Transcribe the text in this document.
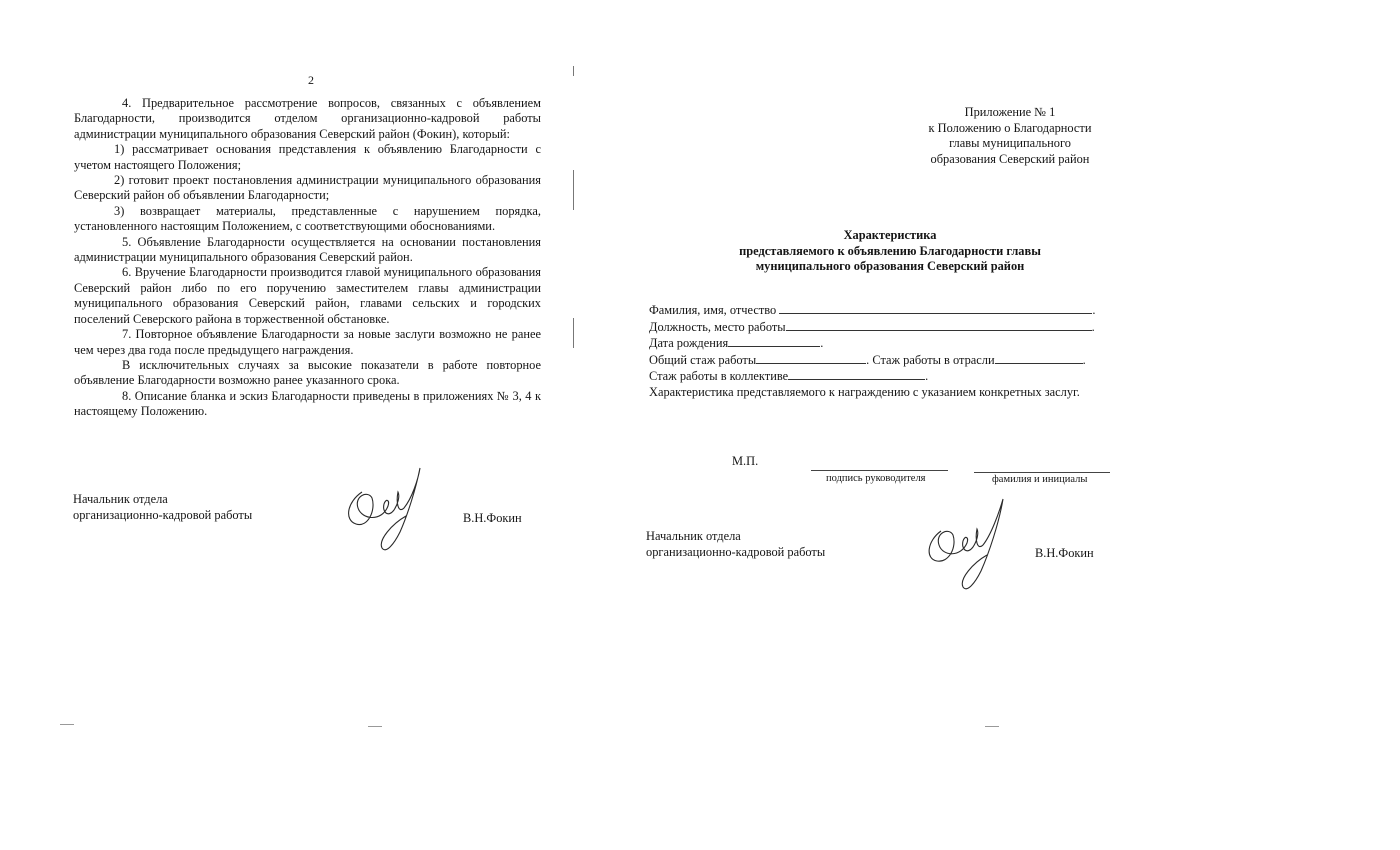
2

4. Предварительное рассмотрение вопросов, связанных с объявлением Благодарности, производится отделом организационно-кадровой работы администрации муниципального образования Северский район (Фокин), который:

1) рассматривает основания представления к объявлению Благодарности с учетом настоящего Положения;

2) готовит проект постановления администрации муниципального образования Северский район об объявлении Благодарности;

3) возвращает материалы, представленные с нарушением порядка, установленного настоящим Положением, с соответствующими обоснованиями.

5. Объявление Благодарности осуществляется на основании постановления администрации муниципального образования Северский район.

6. Вручение Благодарности производится главой муниципального образования Северский район либо по его поручению заместителем главы администрации муниципального образования Северский район, главами сельских и городских поселений Северского района в торжественной обстановке.

7. Повторное объявление Благодарности за новые заслуги возможно не ранее чем через два года после предыдущего награждения.

В исключительных случаях за высокие показатели в работе повторное объявление Благодарности возможно ранее указанного срока.

8. Описание бланка и эскиз Благодарности приведены в приложениях № 3, 4 к настоящему Положению.

Начальник отдела
организационно-кадровой работы	В.Н.Фокин
Приложение № 1
к Положению о Благодарности
главы муниципального
образования Северский район
Характеристика
представляемого к объявлению Благодарности главы
муниципального образования Северский район
Фамилия, имя, отчество	.
Должность, место работы	.
Дата рождения	.
Общий стаж работы	. Стаж работы в отрасли	.
Стаж работы в коллективе	.
Характеристика представляемого к награждению с указанием конкретных заслуг.
М.П.
подпись руководителя	фамилия и инициалы
Начальник отдела
организационно-кадровой работы	В.Н.Фокин
